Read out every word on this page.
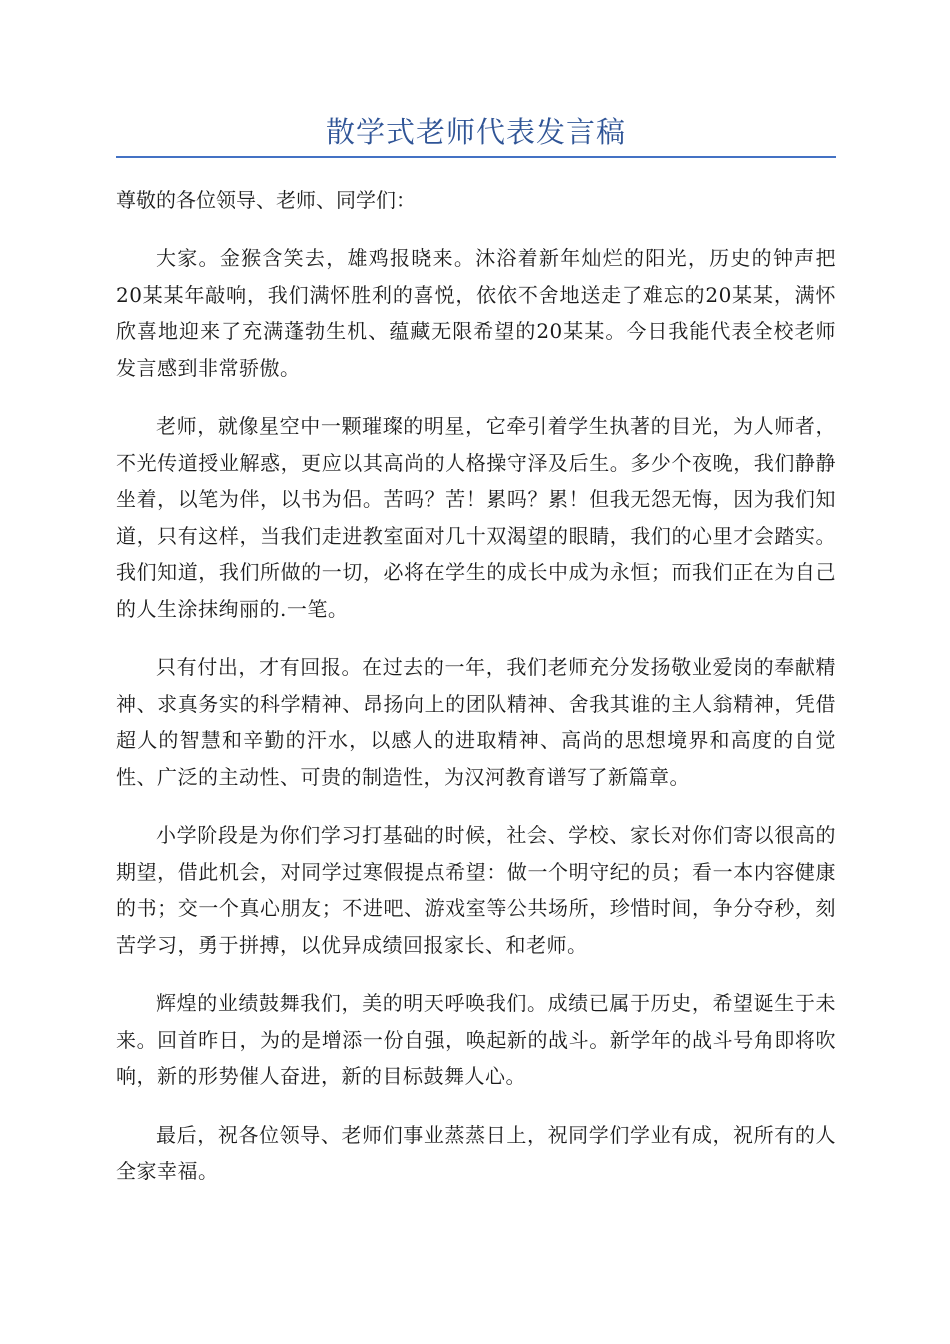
散学式老师代表发言稿
尊敬的各位领导、老师、同学们：

大家。金猴含笑去，雄鸡报晓来。沐浴着新年灿烂的阳光，历史的钟声把20某某年敲响，我们满怀胜利的喜悦，依依不舍地送走了难忘的20某某，满怀欣喜地迎来了充满蓬勃生机、蕴藏无限希望的20某某。今日我能代表全校老师发言感到非常骄傲。

老师，就像星空中一颗璀璨的明星，它牵引着学生执著的目光，为人师者，不光传道授业解惑，更应以其高尚的人格操守泽及后生。多少个夜晚，我们静静坐着，以笔为伴，以书为侣。苦吗？苦！累吗？累！但我无怨无悔，因为我们知道，只有这样，当我们走进教室面对几十双渴望的眼睛，我们的心里才会踏实。我们知道，我们所做的一切，必将在学生的成长中成为永恒；而我们正在为自己的人生涂抹绚丽的.一笔。

只有付出，才有回报。在过去的一年，我们老师充分发扬敬业爱岗的奉献精神、求真务实的科学精神、昂扬向上的团队精神、舍我其谁的主人翁精神，凭借超人的智慧和辛勤的汗水，以感人的进取精神、高尚的思想境界和高度的自觉性、广泛的主动性、可贵的制造性，为汉河教育谱写了新篇章。

小学阶段是为你们学习打基础的时候，社会、学校、家长对你们寄以很高的期望，借此机会，对同学过寒假提点希望：做一个明守纪的员；看一本内容健康的书；交一个真心朋友；不进吧、游戏室等公共场所，珍惜时间，争分夺秒，刻苦学习，勇于拼搏，以优异成绩回报家长、和老师。

辉煌的业绩鼓舞我们，美的明天呼唤我们。成绩已属于历史，希望诞生于未来。回首昨日，为的是增添一份自强，唤起新的战斗。新学年的战斗号角即将吹响，新的形势催人奋进，新的目标鼓舞人心。

最后，祝各位领导、老师们事业蒸蒸日上，祝同学们学业有成，祝所有的人全家幸福。
